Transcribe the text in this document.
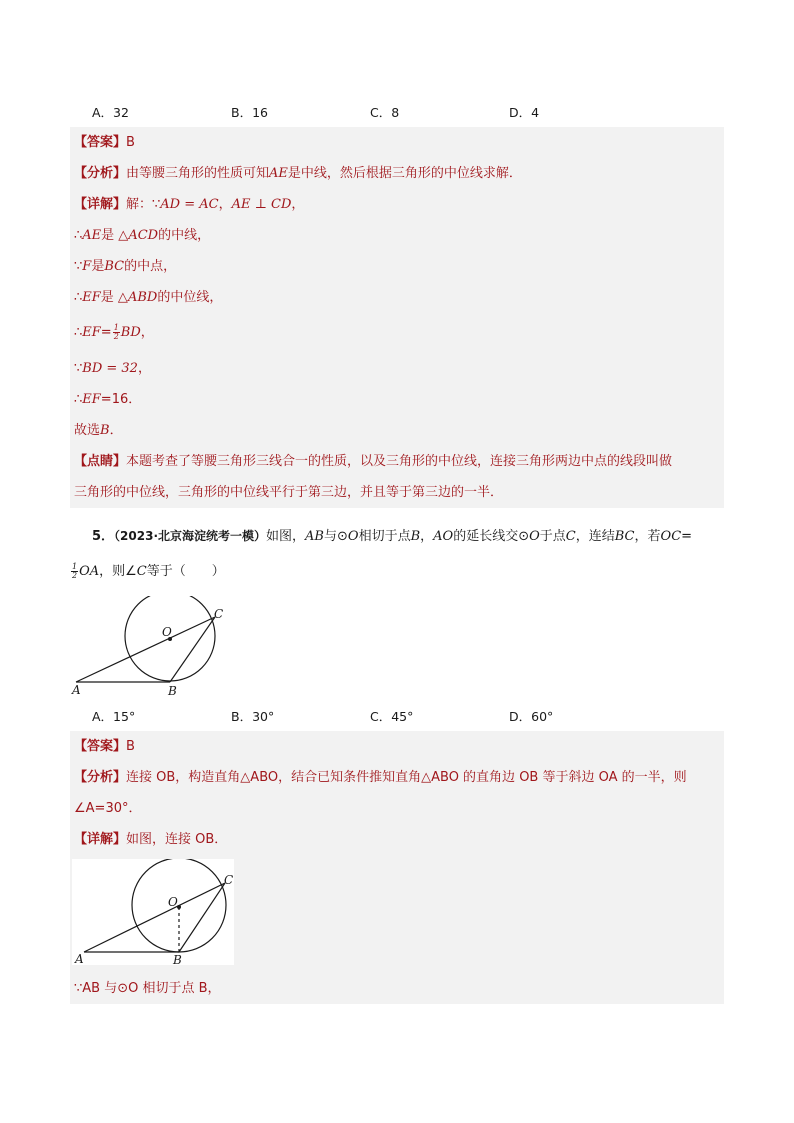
A．32	B．16	C．8	D．4
【答案】B
【分析】由等腰三角形的性质可知AE是中线，然后根据三角形的中位线求解．
【详解】解：∵AD = AC，AE ⊥ CD，
∴AE是 △ACD的中线，
∵F是BC的中点，
∴EF是 △ABD的中位线，
∴EF= $\frac{1}{2}$ BD，
∵BD = 32，
∴EF=16．
故选B．
【点睛】本题考查了等腰三角形三线合一的性质，以及三角形的中位线，连接三角形两边中点的线段叫做
三角形的中位线，三角形的中位线平行于第三边，并且等于第三边的一半．
5．（2023·北京海淀统考一模）如图，AB与⊙O相切于点B，AO的延长线交⊙O于点C，连结BC，若OC=
$\frac{1}{2}$ OA，则∠C等于（　　）
O
C
A	B
A．15°	B．30°	C．45°	D．60°
【答案】B
【分析】连接 OB，构造直角△ABO，结合已知条件推知直角△ABO 的直角边 OB 等于斜边 OA 的一半，则
∠A=30°．
【详解】如图，连接 OB．
O
C
A	B
∵AB 与⊙O 相切于点 B，
